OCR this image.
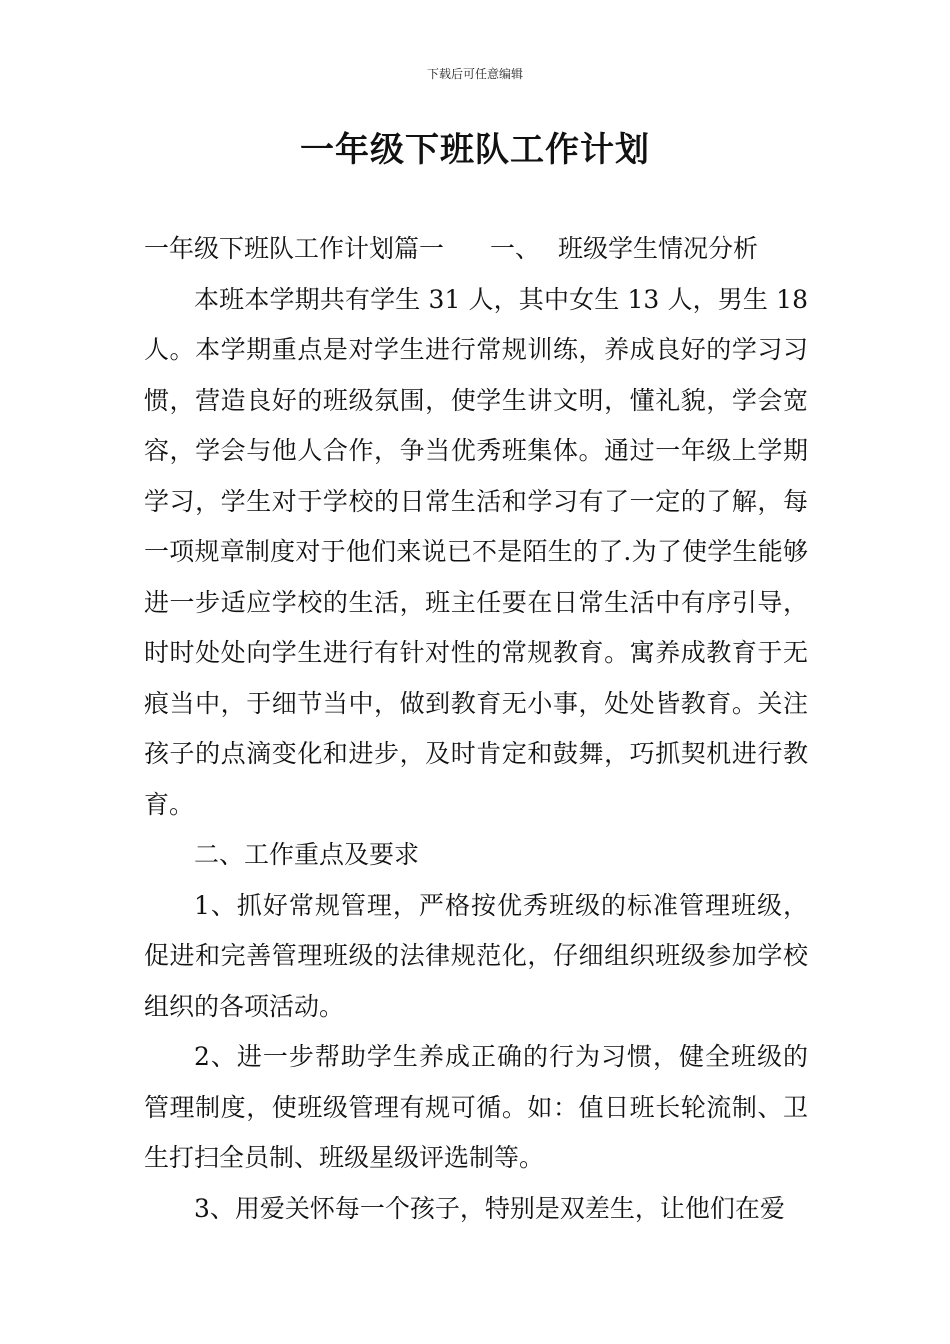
下载后可任意编辑
一年级下班队工作计划

一年级下班队工作计划篇一 一、 班级学生情况分析

本班本学期共有学生 31 人，其中女生 13 人，男生 18 人。本学期重点是对学生进行常规训练，养成良好的学习习惯，营造良好的班级氛围，使学生讲文明，懂礼貌，学会宽容，学会与他人合作，争当优秀班集体。通过一年级上学期学习，学生对于学校的日常生活和学习有了一定的了解，每一项规章制度对于他们来说已不是陌生的了.为了使学生能够进一步适应学校的生活，班主任要在日常生活中有序引导，时时处处向学生进行有针对性的常规教育。寓养成教育于无痕当中，于细节当中，做到教育无小事，处处皆教育。关注孩子的点滴变化和进步，及时肯定和鼓舞，巧抓契机进行教育。

二、工作重点及要求

1、抓好常规管理，严格按优秀班级的标准管理班级，促进和完善管理班级的法律规范化，仔细组织班级参加学校组织的各项活动。

2、进一步帮助学生养成正确的行为习惯，健全班级的管理制度，使班级管理有规可循。如：值日班长轮流制、卫生打扫全员制、班级星级评选制等。

3、用爱关怀每一个孩子，特别是双差生，让他们在爱
